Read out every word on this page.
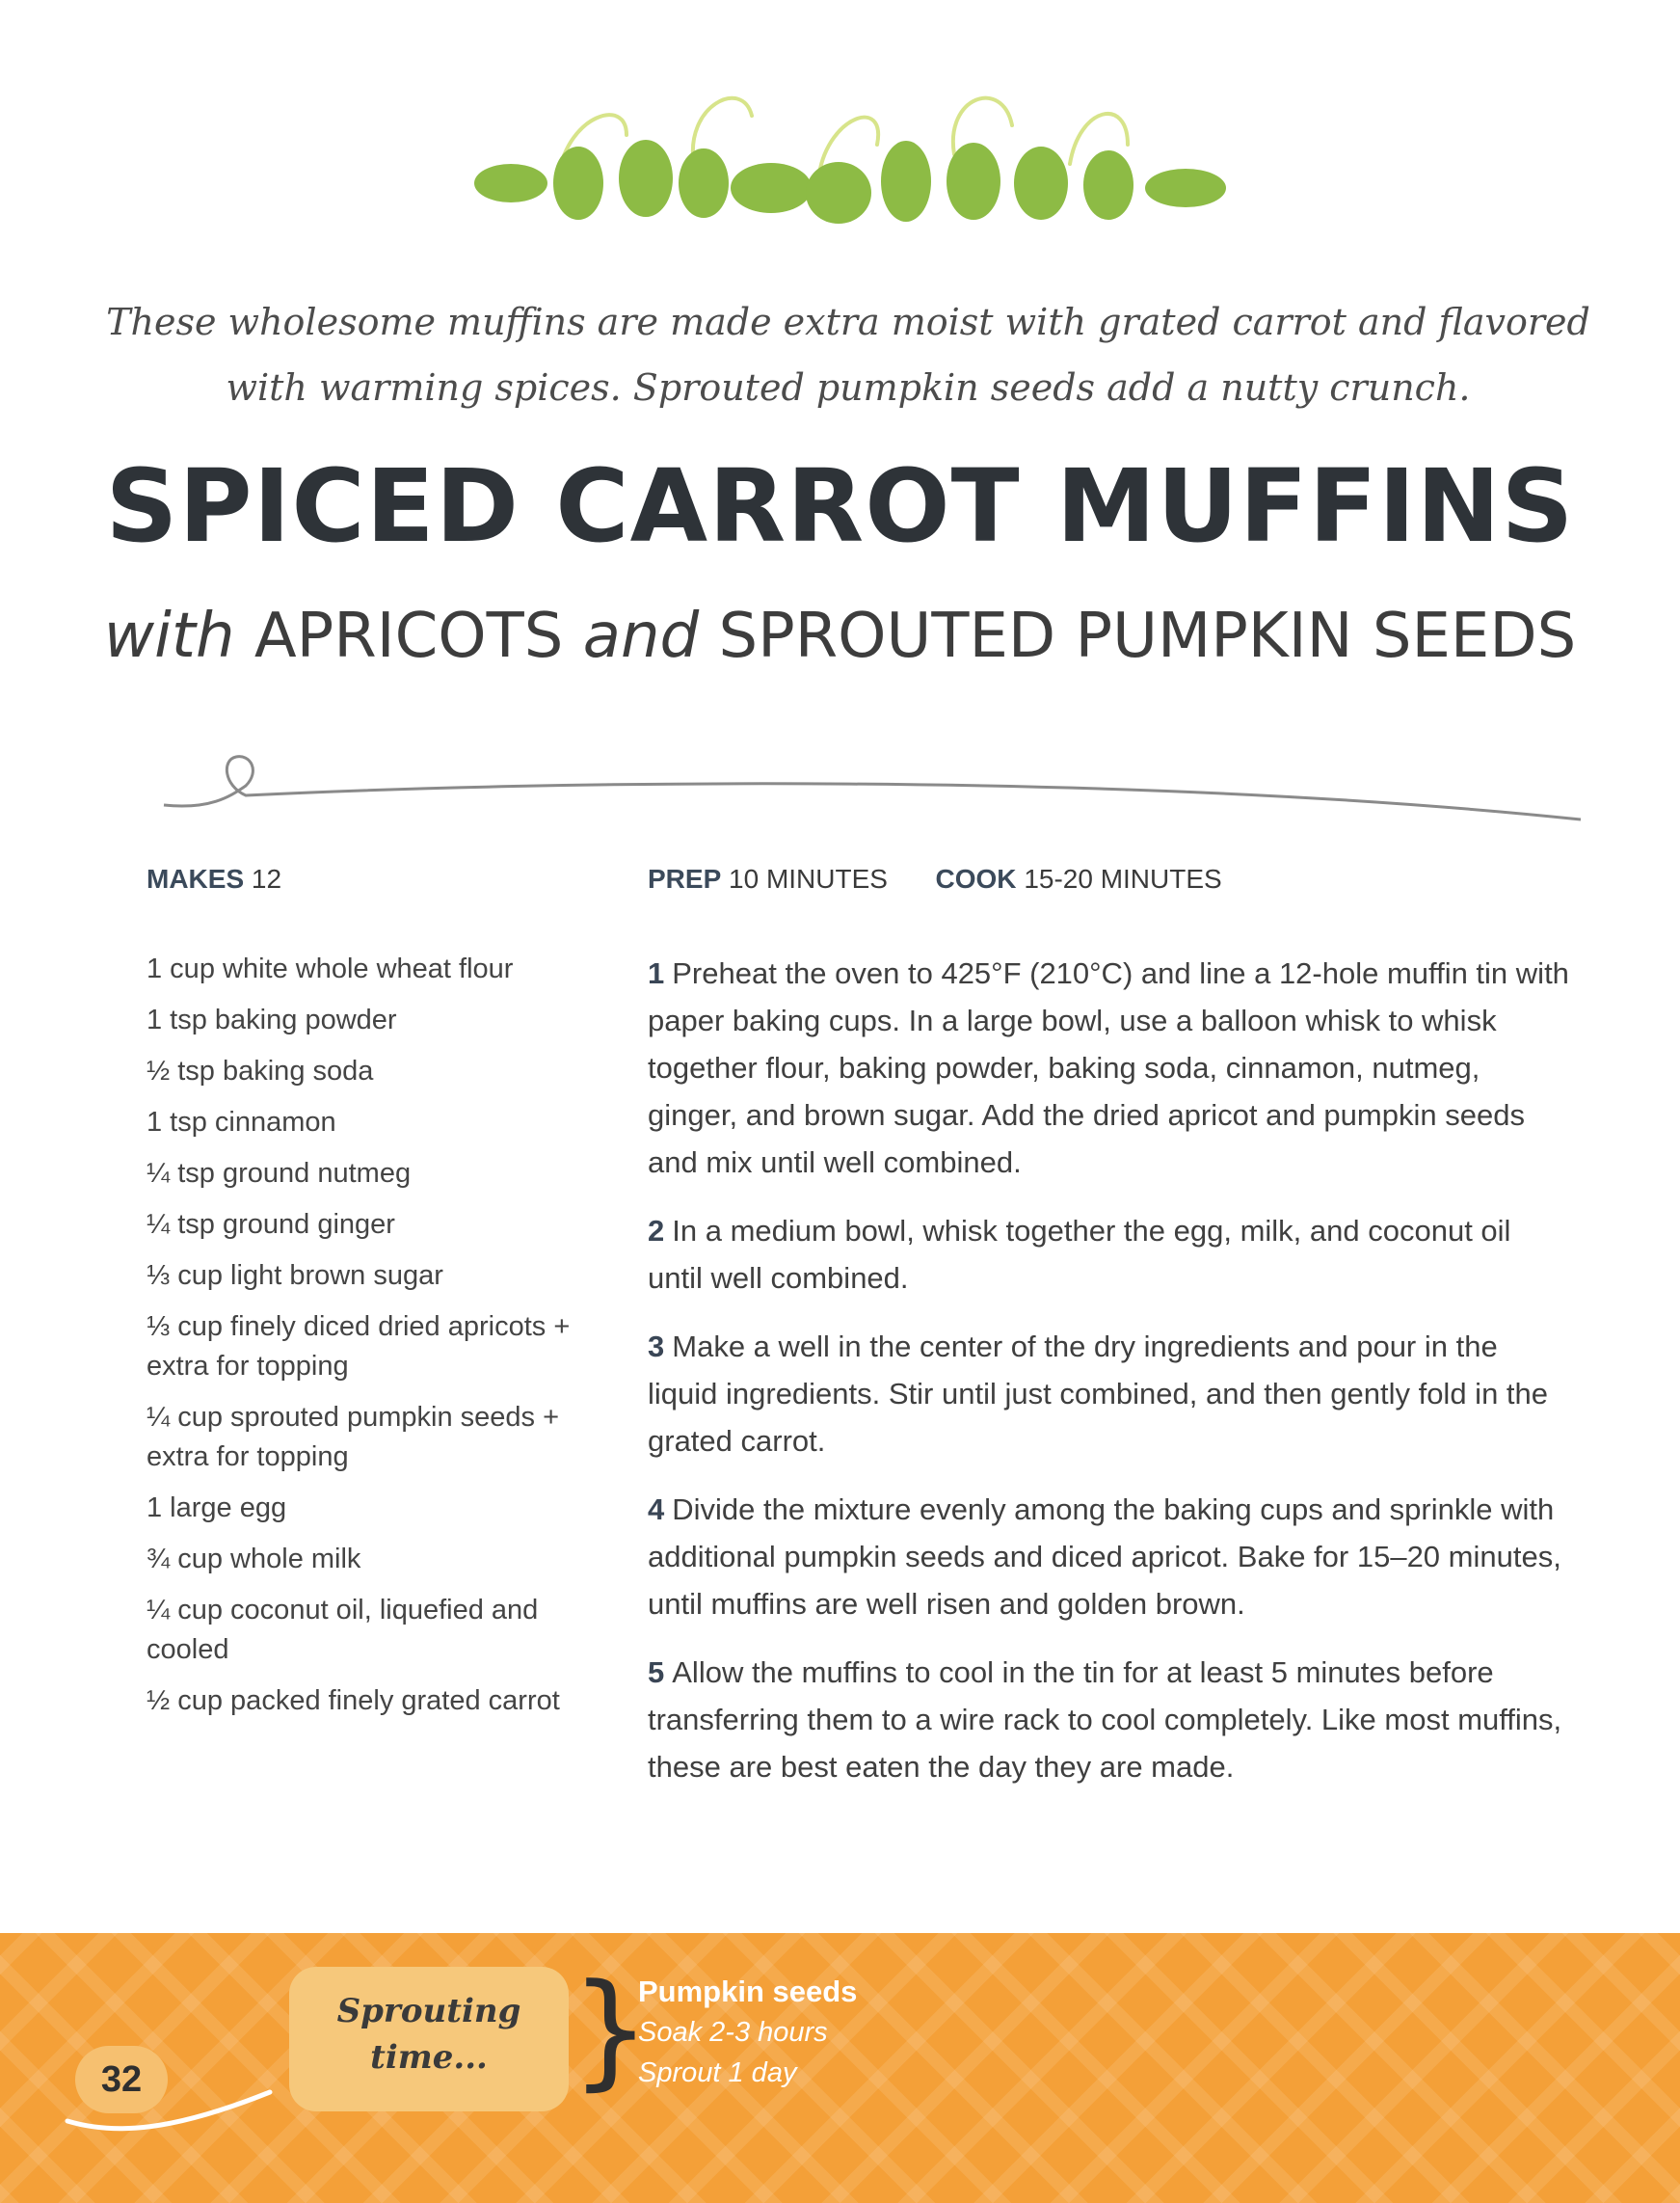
These wholesome muffins are made extra moist with grated carrot and flavored with warming spices. Sprouted pumpkin seeds add a nutty crunch.
SPICED CARROT MUFFINS
with APRICOTS and SPROUTED PUMPKIN SEEDS
MAKES 12
1 cup white whole wheat flour
1 tsp baking powder
½ tsp baking soda
1 tsp cinnamon
¼ tsp ground nutmeg
¼ tsp ground ginger
⅓ cup light brown sugar
⅓ cup finely diced dried apricots + extra for topping
¼ cup sprouted pumpkin seeds + extra for topping
1 large egg
¾ cup whole milk
¼ cup coconut oil, liquefied and cooled
½ cup packed finely grated carrot
PREP 10 MINUTES COOK 15-20 MINUTES

1 Preheat the oven to 425°F (210°C) and line a 12-hole muffin tin with paper baking cups. In a large bowl, use a balloon whisk to whisk together flour, baking powder, baking soda, cinnamon, nutmeg, ginger, and brown sugar. Add the dried apricot and pumpkin seeds and mix until well combined.

2 In a medium bowl, whisk together the egg, milk, and coconut oil until well combined.

3 Make a well in the center of the dry ingredients and pour in the liquid ingredients. Stir until just combined, and then gently fold in the grated carrot.

4 Divide the mixture evenly among the baking cups and sprinkle with additional pumpkin seeds and diced apricot. Bake for 15–20 minutes, until muffins are well risen and golden brown.

5 Allow the muffins to cool in the tin for at least 5 minutes before transferring them to a wire rack to cool completely. Like most muffins, these are best eaten the day they are made.

Sprouting
time... }
Pumpkin seeds
Soak 2-3 hours
Sprout 1 day
32
